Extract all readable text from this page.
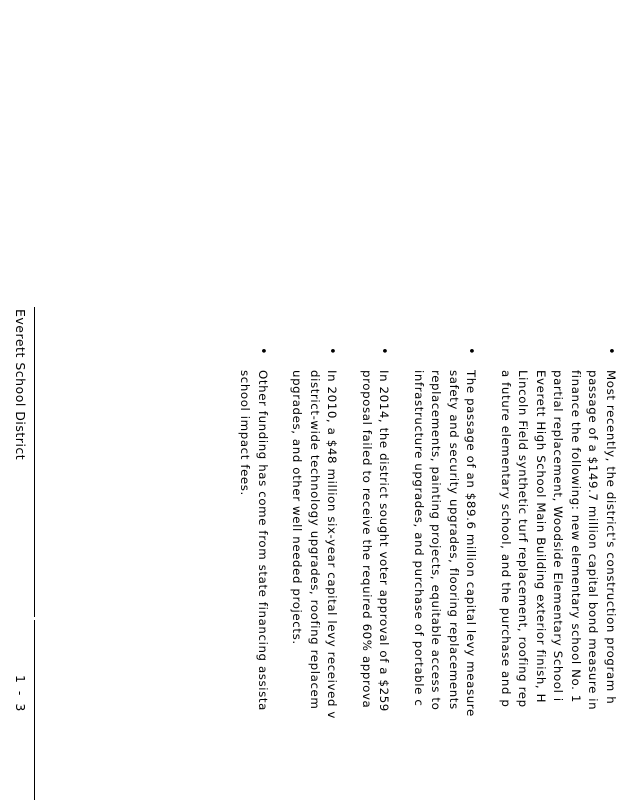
•
Most recently, the district's construction program h
passage of a $149.7 million capital bond measure in
finance the following: new elementary school No. 1
partial replacement, Woodside Elementary School i
Everett High School Main Building exterior finish, H
Lincoln Field synthetic turf replacement, roofing rep
a future elementary school, and the purchase and p
•
The passage of an $89.6 million capital levy measure
safety and security upgrades, flooring replacements
replacements, painting projects, equitable access to
infrastructure upgrades, and purchase of portable c
•
In 2014, the district sought voter approval of a $259
proposal failed to receive the required 60% approva
•
In 2010, a $48 million six-year capital levy received v
district-wide technology upgrades, roofing replacem
upgrades, and other well needed projects.
•
Other funding has come from state financing assista
school impact fees.
Everett School District
1 - 3
